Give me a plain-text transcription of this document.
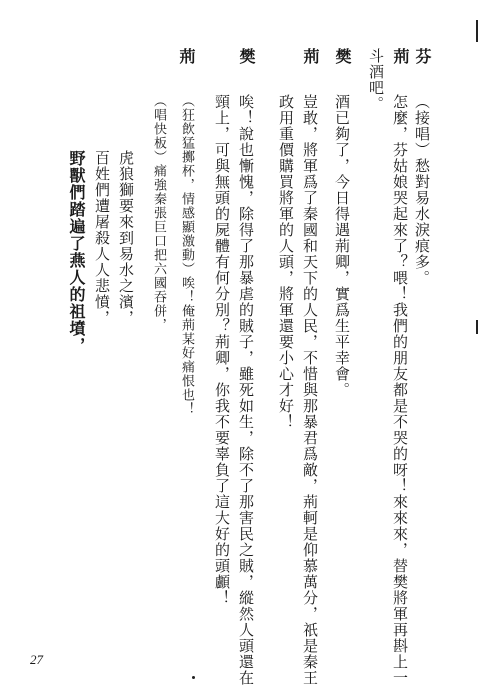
芬
（接唱）愁對易水淚痕多。
荊
怎麼，芬姑娘哭起來了？喂！我們的朋友都是不哭的呀！來來來，替樊將軍再斟上一
斗酒吧。
樊
酒已夠了，今日得遇荊卿，實爲生平幸會。
荊
豈敢，將軍爲了秦國和天下的人民，不惜與那暴君爲敵，荊軻是仰慕萬分，祇是秦王
政用重價購買將軍的人頭，將軍還要小心才好！
樊
唉！說也慚愧，除得了那暴虐的賊子，雖死如生，除不了那害民之賊，縱然人頭還在
頸上，可與無頭的屍體有何分別？荊卿，你我不要辜負了這大好的頭顱！
荊
（狂飲猛擲杯，情感顯激動）唉！俺荊某好痛恨也！
（唱快板）痛強秦張巨口把六國吞併，
虎狼獅要來到易水之濱，
百姓們遭屠殺人人悲憤，
野獸們踏遍了燕人的祖墳，
27
